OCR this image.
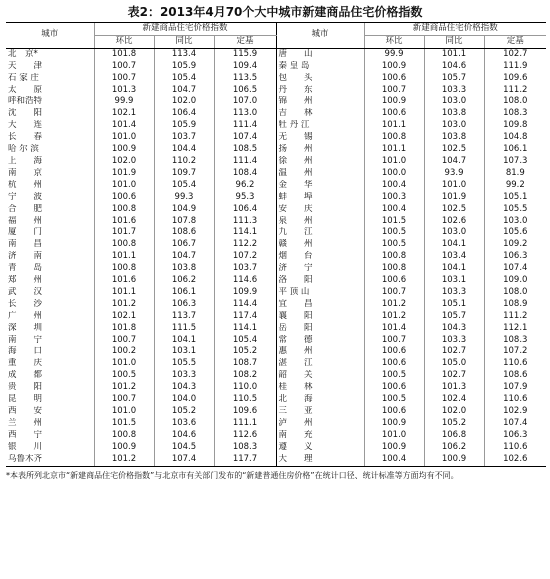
表2：2013年4月70个大中城市新建商品住宅价格指数
城市	新建商品住宅价格指数			城市	新建商品住宅价格指数		
	环比	同比	定基		环比	同比	定基
北　京*	101.8	113.4	115.9	唐　　山	99.9	101.1	102.7
天　　津	100.7	105.9	109.4	秦 皇 岛	100.9	104.6	111.9
石 家 庄	100.7	105.4	113.5	包　　头	100.6	105.7	109.6
太　　原	101.3	104.7	106.5	丹　　东	100.7	103.3	111.2
呼和浩特	99.9	102.0	107.0	锦　　州	100.9	103.0	108.0
沈　　阳	102.1	106.4	113.0	吉　　林	100.6	103.8	108.3
大　　连	101.4	105.9	111.4	牡 丹 江	101.1	103.0	109.8
长　　春	101.0	103.7	107.4	无　　锡	100.8	103.8	104.8
哈 尔 滨	100.9	104.4	108.5	扬　　州	101.1	102.5	106.1
上　　海	102.0	110.2	111.4	徐　　州	101.0	104.7	107.3
南　　京	101.9	109.7	108.4	温　　州	100.0	93.9	81.9
杭　　州	101.0	105.4	96.2	金　　华	100.4	101.0	99.2
宁　　波	100.6	99.3	95.3	蚌　　埠	100.3	101.9	105.1
合　　肥	100.8	104.9	106.4	安　　庆	100.4	102.5	105.5
福　　州	101.6	107.8	111.3	泉　　州	101.5	102.6	103.0
厦　　门	101.7	108.6	114.1	九　　江	100.5	103.0	105.6
南　　昌	100.8	106.7	112.2	赣　　州	100.5	104.1	109.2
济　　南	101.1	104.7	107.2	烟　　台	100.8	103.4	106.3
青　　岛	100.8	103.8	103.7	济　　宁	100.8	104.1	107.4
郑　　州	101.6	106.2	114.6	洛　　阳	100.6	103.1	109.0
武　　汉	101.1	106.1	109.9	平 顶 山	100.7	103.3	108.0
长　　沙	101.2	106.3	114.4	宜　　昌	101.2	105.1	108.9
广　　州	102.1	113.7	117.4	襄　　阳	101.2	105.7	111.2
深　　圳	101.8	111.5	114.1	岳　　阳	101.4	104.3	112.1
南　　宁	100.7	104.1	105.4	常　　德	100.7	103.3	108.3
海　　口	100.2	103.1	105.2	惠　　州	100.6	102.7	107.2
重　　庆	101.0	105.5	108.7	湛　　江	100.6	105.0	110.6
成　　都	100.5	103.3	108.2	韶　　关	100.5	102.7	108.6
贵　　阳	101.2	104.3	110.0	桂　　林	100.6	101.3	107.9
昆　　明	100.7	104.0	110.5	北　　海	100.5	102.4	110.6
西　　安	101.0	105.2	109.6	三　　亚	100.6	102.0	102.9
兰　　州	101.5	103.6	111.1	泸　　州	100.9	105.2	107.4
西　　宁	100.8	104.6	112.6	南　　充	101.0	106.8	106.3
银　　川	100.9	104.5	108.3	遵　　义	100.9	106.2	110.6
乌鲁木齐	101.2	107.4	117.7	大　　理	100.4	100.9	102.6
*本表所列北京市“新建商品住宅价格指数”与北京市有关部门发布的“新建普通住房价格”在统计口径、统计标准等方面均有不同。
